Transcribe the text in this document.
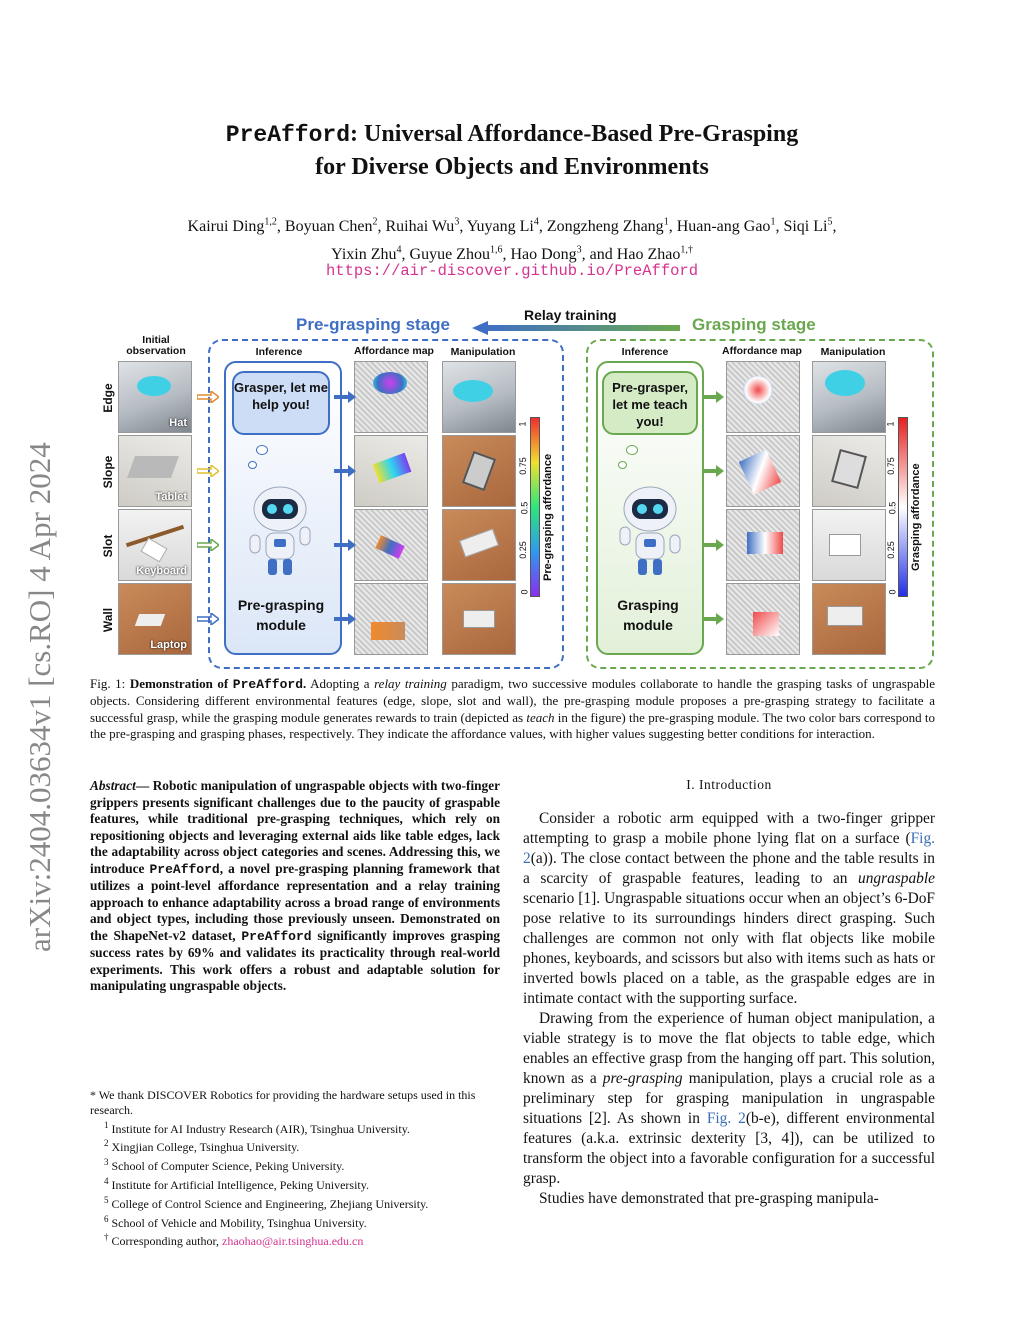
arXiv:2404.03634v1 [cs.RO] 4 Apr 2024
PreAfford: Universal Affordance-Based Pre-Grasping
for Diverse Objects and Environments
Kairui Ding$^{1,2}$, Boyuan Chen$^2$, Ruihai Wu$^3$, Yuyang Li$^4$, Zongzheng Zhang$^1$, Huan-ang Gao$^1$, Siqi Li$^5$,
Yixin Zhu$^4$, Guyue Zhou$^{1,6}$, Hao Dong$^3$, and Hao Zhao$^{1,\dagger}$
https://air-discover.github.io/PreAfford
Relay training
Pre-grasping stage	Grasping stage
Initial observation	Inference	Affordance map	Manipulation	Inference	Affordance map	Manipulation
Edge
Slope
Slot
Wall
Hat
Tablet
Keyboard
Laptop
Grasper, let me help you!
Pre-grasping module
1
0.75
0.5
0.25
0
Pre-grasping affordance
Pre-grasper, let me teach you!
Grasping module
1
0.75
0.5
0.25
0
Grasping affordance
Fig. 1: Demonstration of PreAfford. Adopting a relay training paradigm, two successive modules collaborate to handle the grasping tasks of ungraspable objects. Considering different environmental features (edge, slope, slot and wall), the pre-grasping module proposes a pre-grasping strategy to facilitate a successful grasp, while the grasping module generates rewards to train (depicted as teach in the figure) the pre-grasping module. The two color bars correspond to the pre-grasping and grasping phases, respectively. They indicate the affordance values, with higher values suggesting better conditions for interaction.
Abstract— Robotic manipulation of ungraspable objects with two-finger grippers presents significant challenges due to the paucity of graspable features, while traditional pre-grasping techniques, which rely on repositioning objects and leveraging external aids like table edges, lack the adaptability across object categories and scenes. Addressing this, we introduce PreAfford, a novel pre-grasping planning framework that utilizes a point-level affordance representation and a relay training approach to enhance adaptability across a broad range of environments and object types, including those previously unseen. Demonstrated on the ShapeNet-v2 dataset, PreAfford significantly improves grasping success rates by 69% and validates its practicality through real-world experiments. This work offers a robust and adaptable solution for manipulating ungraspable objects.
* We thank DISCOVER Robotics for providing the hardware setups used in this research.
$^1$ Institute for AI Industry Research (AIR), Tsinghua University.
$^2$ Xingjian College, Tsinghua University.
$^3$ School of Computer Science, Peking University.
$^4$ Institute for Artificial Intelligence, Peking University.
$^5$ College of Control Science and Engineering, Zhejiang University.
$^6$ School of Vehicle and Mobility, Tsinghua University.
† Corresponding author, zhaohao@air.tsinghua.edu.cn
I. Introduction

Consider a robotic arm equipped with a two-finger gripper attempting to grasp a mobile phone lying flat on a surface (Fig. 2(a)). The close contact between the phone and the table results in a scarcity of graspable features, leading to an ungraspable scenario [1]. Ungraspable situations occur when an object’s 6-DoF pose relative to its surroundings hinders direct grasping. Such challenges are common not only with flat objects like mobile phones, keyboards, and scissors but also with items such as hats or inverted bowls placed on a table, as the graspable edges are in intimate contact with the supporting surface.

Drawing from the experience of human object manipulation, a viable strategy is to move the flat objects to table edge, which enables an effective grasp from the hanging off part. This solution, known as a pre-grasping manipulation, plays a crucial role as a preliminary step for grasping manipulation in ungraspable situations [2]. As shown in Fig. 2(b-e), different environmental features (a.k.a. extrinsic dexterity [3, 4]), can be utilized to transform the object into a favorable configuration for a successful grasp.

Studies have demonstrated that pre-grasping manipula-
